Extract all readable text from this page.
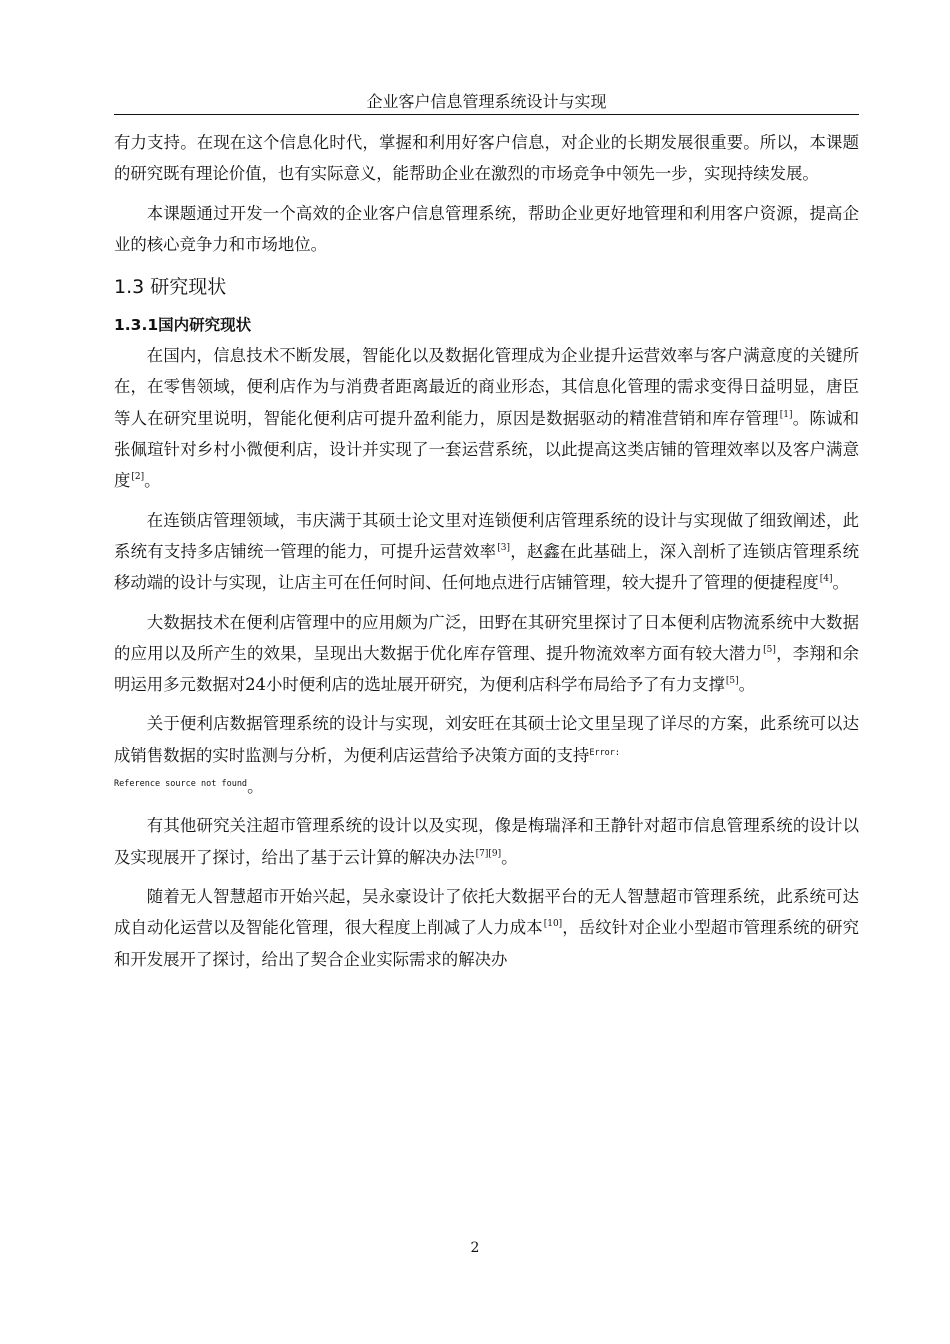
企业客户信息管理系统设计与实现

有力支持。在现在这个信息化时代，掌握和利用好客户信息，对企业的长期发展很重要。所以，本课题的研究既有理论价值，也有实际意义，能帮助企业在激烈的市场竞争中领先一步，实现持续发展。

本课题通过开发一个高效的企业客户信息管理系统，帮助企业更好地管理和利用客户资源，提高企业的核心竞争力和市场地位。

1.3 研究现状
1.3.1国内研究现状

在国内，信息技术不断发展，智能化以及数据化管理成为企业提升运营效率与客户满意度的关键所在，在零售领域，便利店作为与消费者距离最近的商业形态，其信息化管理的需求变得日益明显，唐臣等人在研究里说明，智能化便利店可提升盈利能力，原因是数据驱动的精准营销和库存管理[1]。陈诚和张佩瑄针对乡村小微便利店，设计并实现了一套运营系统，以此提高这类店铺的管理效率以及客户满意度[2]。

在连锁店管理领域，韦庆满于其硕士论文里对连锁便利店管理系统的设计与实现做了细致阐述，此系统有支持多店铺统一管理的能力，可提升运营效率[3]，赵鑫在此基础上，深入剖析了连锁店管理系统移动端的设计与实现，让店主可在任何时间、任何地点进行店铺管理，较大提升了管理的便捷程度[4]。

大数据技术在便利店管理中的应用颇为广泛，田野在其研究里探讨了日本便利店物流系统中大数据的应用以及所产生的效果，呈现出大数据于优化库存管理、提升物流效率方面有较大潜力[5]，李翔和余明运用多元数据对24小时便利店的选址展开研究，为便利店科学布局给予了有力支撑[5]。

关于便利店数据管理系统的设计与实现，刘安旺在其硕士论文里呈现了详尽的方案，此系统可以达成销售数据的实时监测与分析，为便利店运营给予决策方面的支持$^{Error:}$
$^{Reference source not found}$。

有其他研究关注超市管理系统的设计以及实现，像是梅瑞泽和王静针对超市信息管理系统的设计以及实现展开了探讨，给出了基于云计算的解决办法[7][9]。

随着无人智慧超市开始兴起，吴永豪设计了依托大数据平台的无人智慧超市管理系统，此系统可达成自动化运营以及智能化管理，很大程度上削减了人力成本[10]，岳纹针对企业小型超市管理系统的研究和开发展开了探讨，给出了契合企业实际需求的解决办

2
